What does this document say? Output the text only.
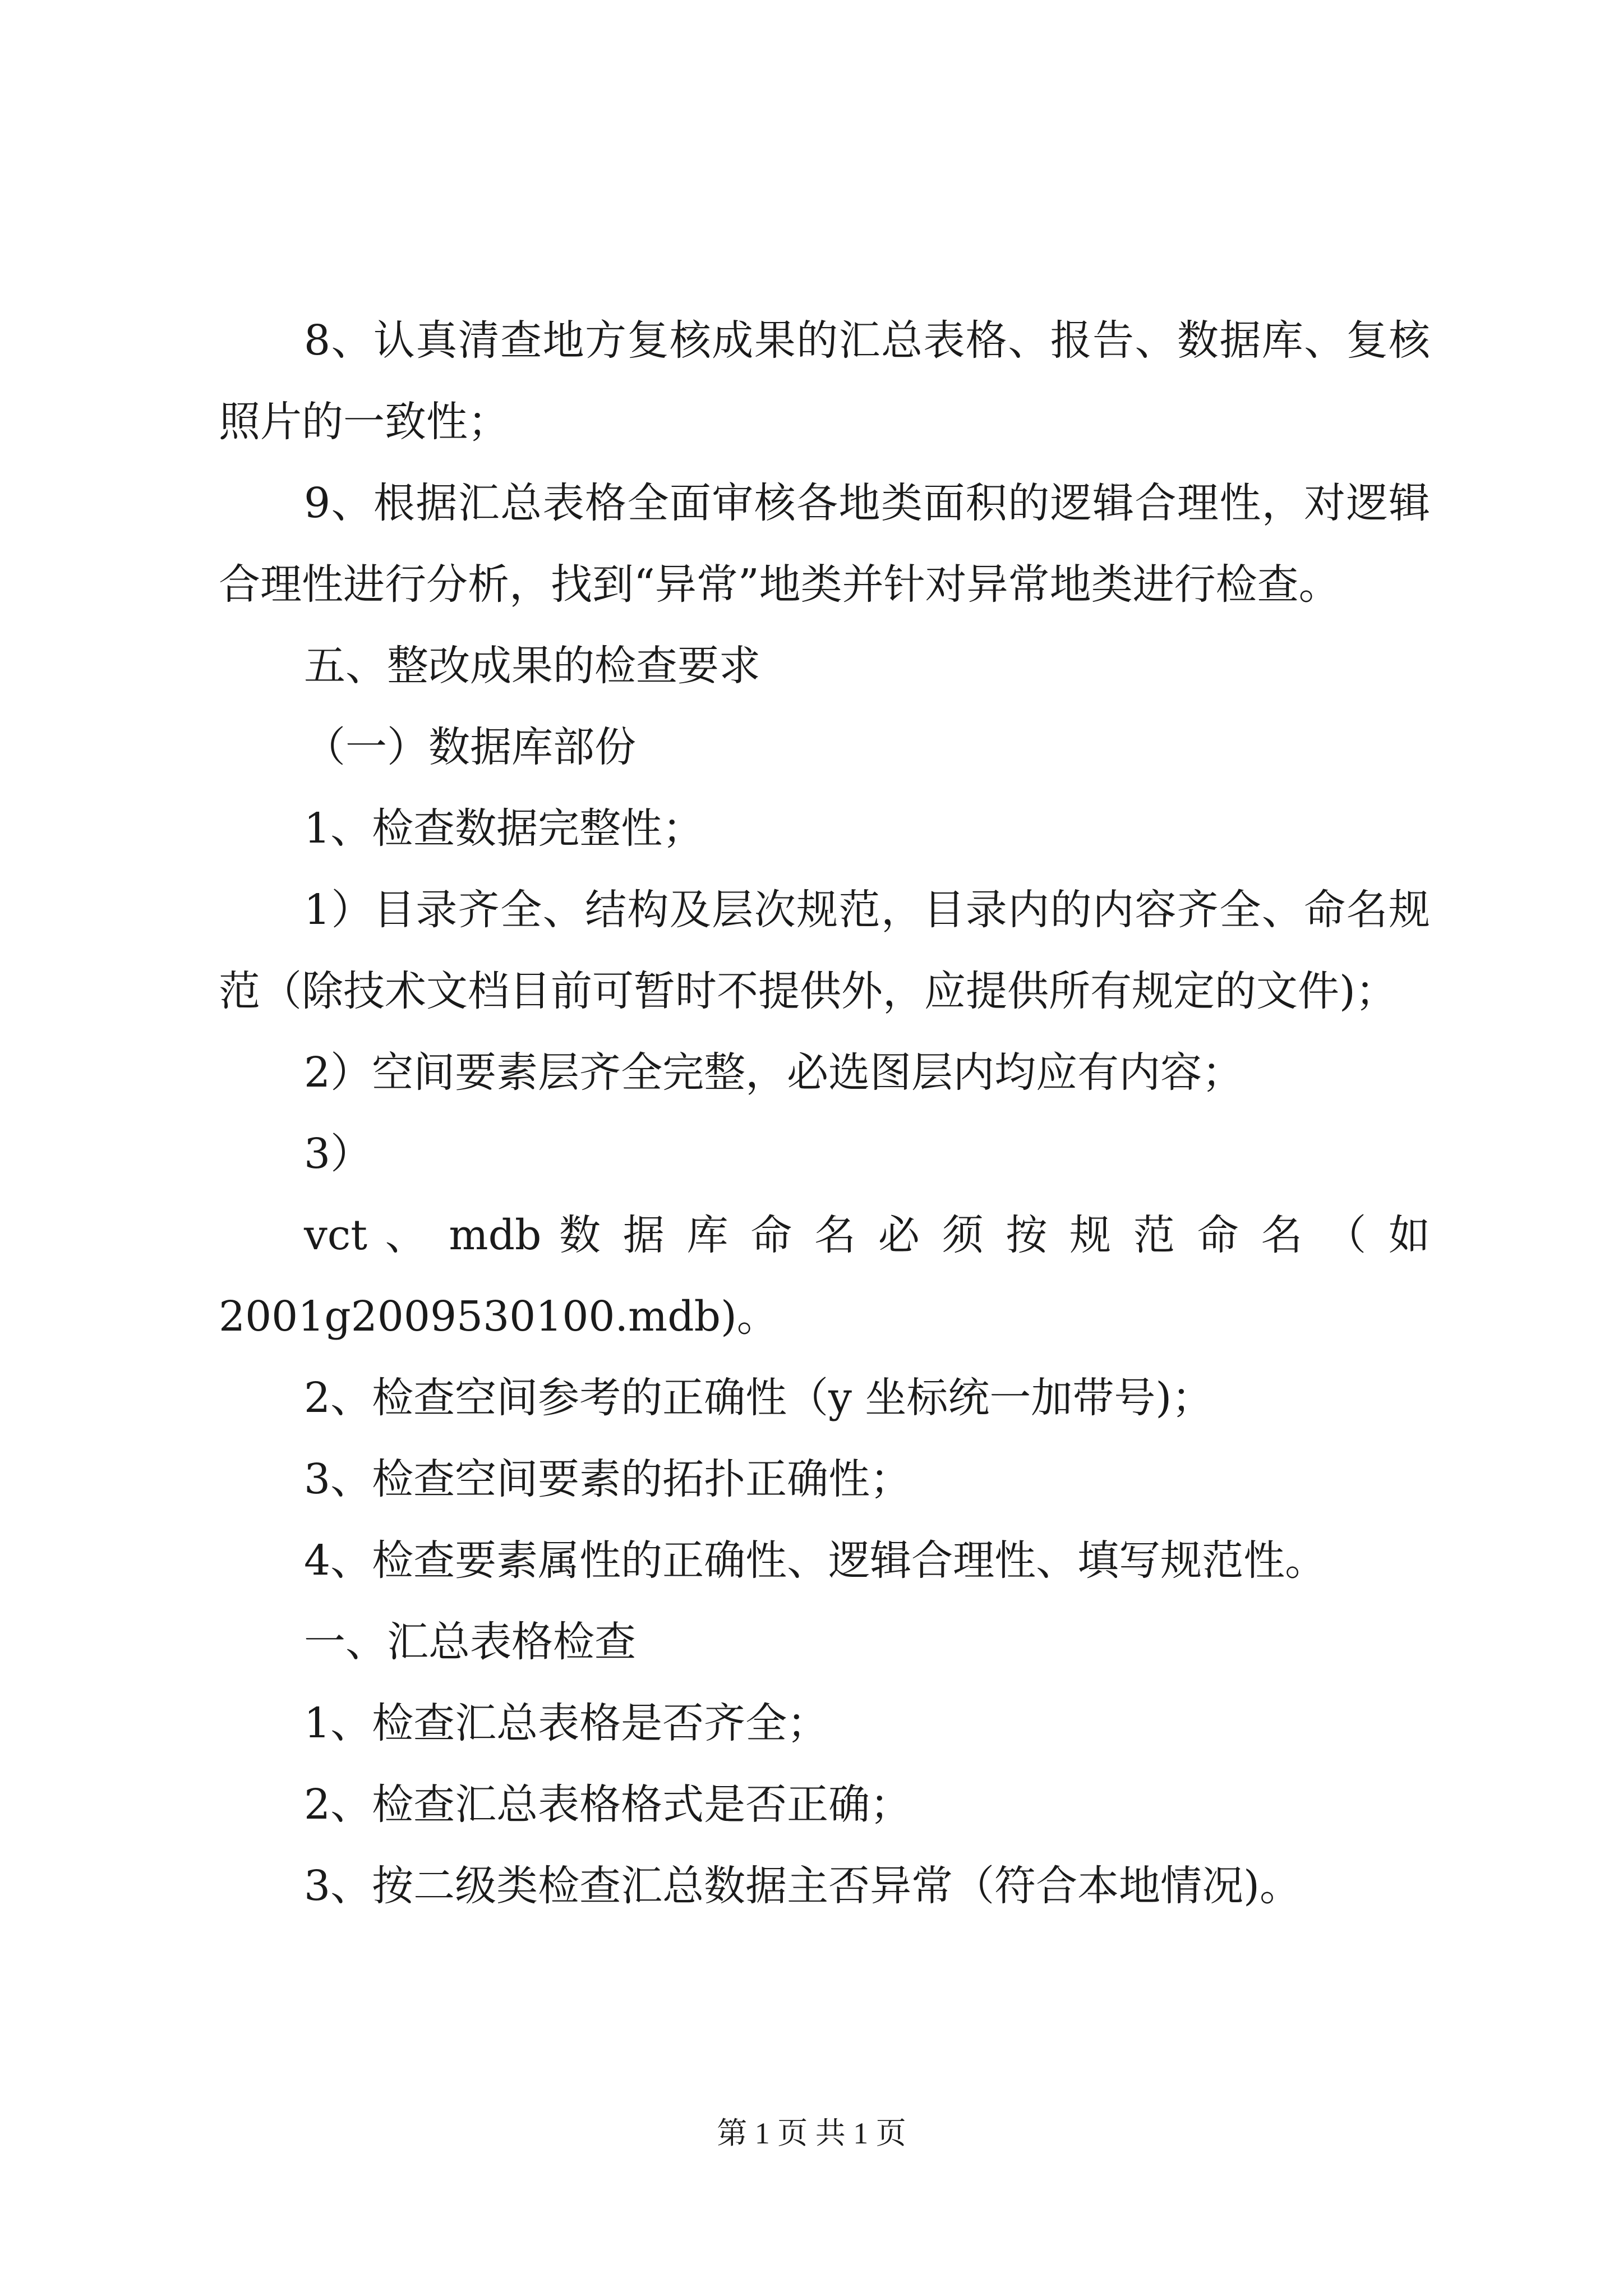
8、认真清查地方复核成果的汇总表格、报告、数据库、复核照片的一致性；

9、根据汇总表格全面审核各地类面积的逻辑合理性，对逻辑合理性进行分析，找到“异常”地类并针对异常地类进行检查。

五、整改成果的检查要求

（一）数据库部份

1、检查数据完整性；

1）目录齐全、结构及层次规范，目录内的内容齐全、命名规范（除技术文档目前可暂时不提供外，应提供所有规定的文件)；

2）空间要素层齐全完整，必选图层内均应有内容；

3）

vct 、 mdb 数 据 库 命 名 必 须 按 规 范 命 名 （ 如

2001g2009530100.mdb)。

2、检查空间参考的正确性（y 坐标统一加带号)；

3、检查空间要素的拓扑正确性；

4、检查要素属性的正确性、逻辑合理性、填写规范性。

一、汇总表格检查

1、检查汇总表格是否齐全；

2、检查汇总表格格式是否正确；

3、按二级类检查汇总数据主否异常（符合本地情况)。

第 1 页 共 1 页
